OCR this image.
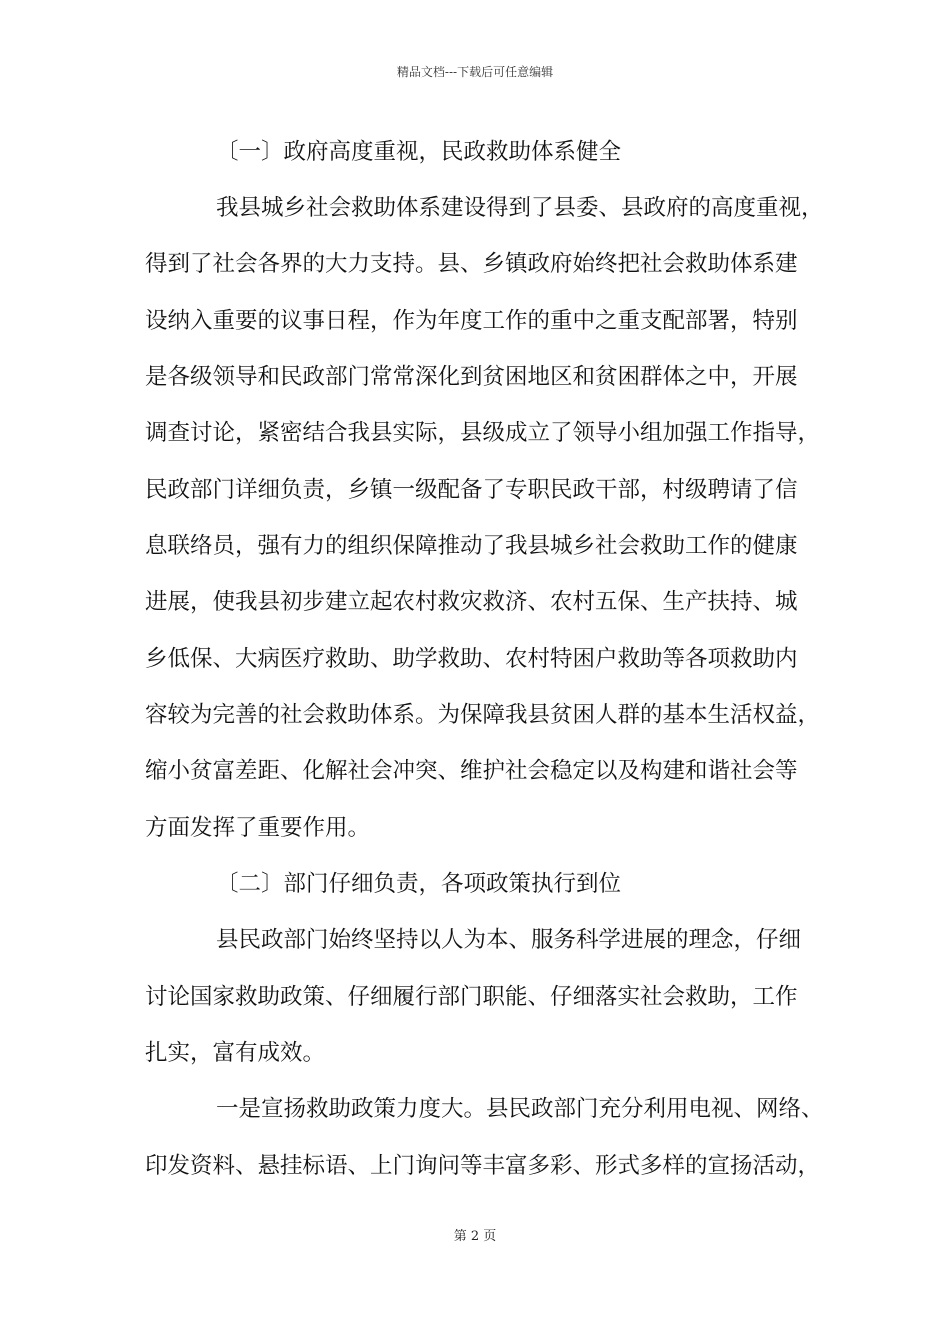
精品文档---下载后可任意编辑
〔一〕政府高度重视，民政救助体系健全
我县城乡社会救助体系建设得到了县委、县政府的高度重视，
得到了社会各界的大力支持。县、乡镇政府始终把社会救助体系建
设纳入重要的议事日程，作为年度工作的重中之重支配部署，特别
是各级领导和民政部门常常深化到贫困地区和贫困群体之中，开展
调查讨论，紧密结合我县实际，县级成立了领导小组加强工作指导，
民政部门详细负责，乡镇一级配备了专职民政干部，村级聘请了信
息联络员，强有力的组织保障推动了我县城乡社会救助工作的健康
进展，使我县初步建立起农村救灾救济、农村五保、生产扶持、城
乡低保、大病医疗救助、助学救助、农村特困户救助等各项救助内
容较为完善的社会救助体系。为保障我县贫困人群的基本生活权益，
缩小贫富差距、化解社会冲突、维护社会稳定以及构建和谐社会等
方面发挥了重要作用。
〔二〕部门仔细负责，各项政策执行到位
县民政部门始终坚持以人为本、服务科学进展的理念，仔细
讨论国家救助政策、仔细履行部门职能、仔细落实社会救助，工作
扎实，富有成效。
一是宣扬救助政策力度大。县民政部门充分利用电视、网络、
印发资料、悬挂标语、上门询问等丰富多彩、形式多样的宣扬活动，
第 2 页
